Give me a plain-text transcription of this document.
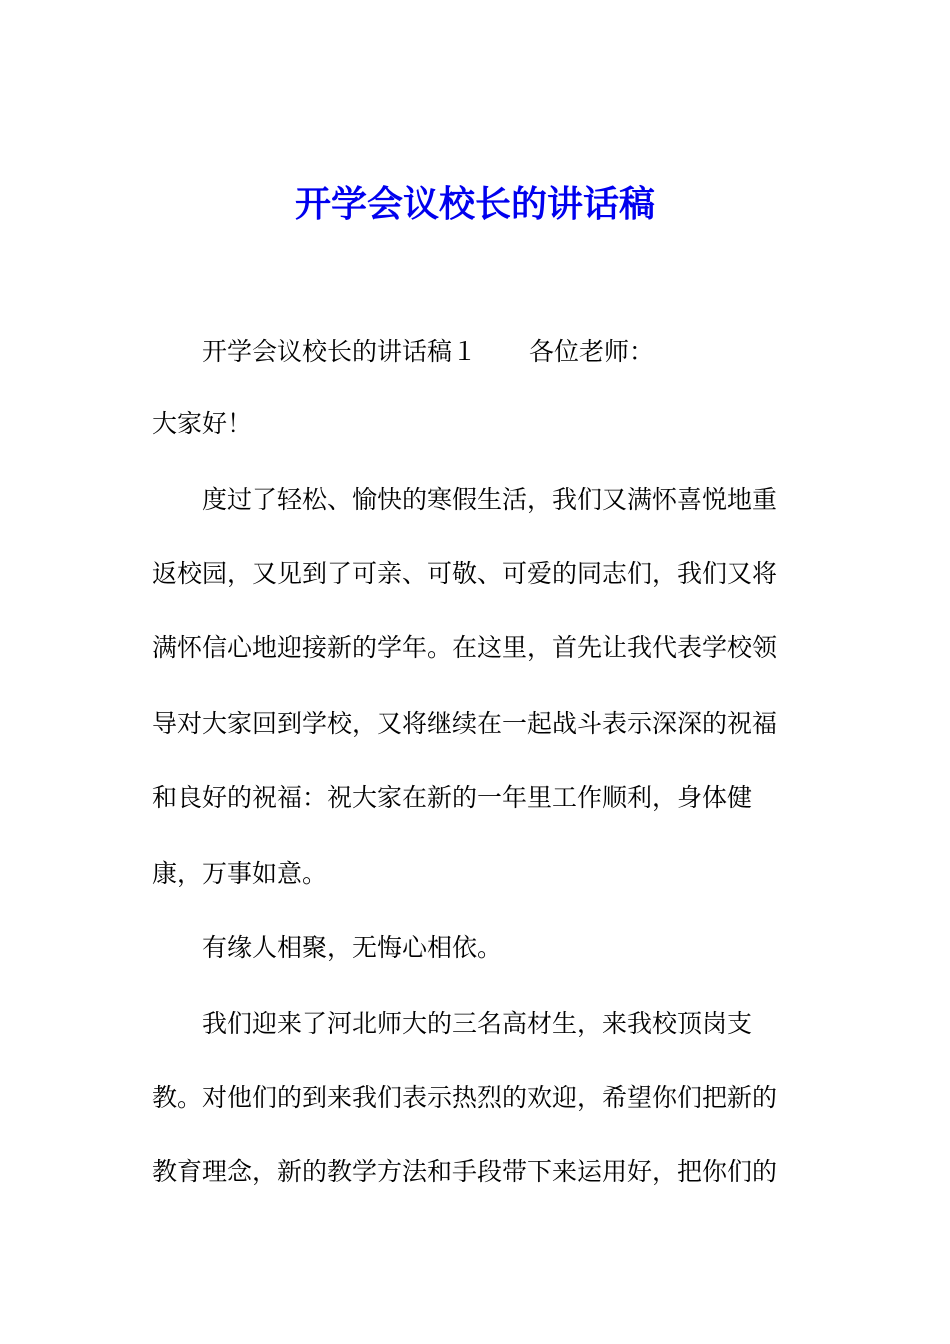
开学会议校长的讲话稿

开学会议校长的讲话稿１ 各位老师：

大家好！

度过了轻松、愉快的寒假生活，我们又满怀喜悦地重

返校园，又见到了可亲、可敬、可爱的同志们，我们又将

满怀信心地迎接新的学年。在这里，首先让我代表学校领

导对大家回到学校，又将继续在一起战斗表示深深的祝福

和良好的祝福：祝大家在新的一年里工作顺利，身体健

康，万事如意。

有缘人相聚，无悔心相依。

我们迎来了河北师大的三名高材生，来我校顶岗支

教。对他们的到来我们表示热烈的欢迎，希望你们把新的

教育理念，新的教学方法和手段带下来运用好，把你们的
